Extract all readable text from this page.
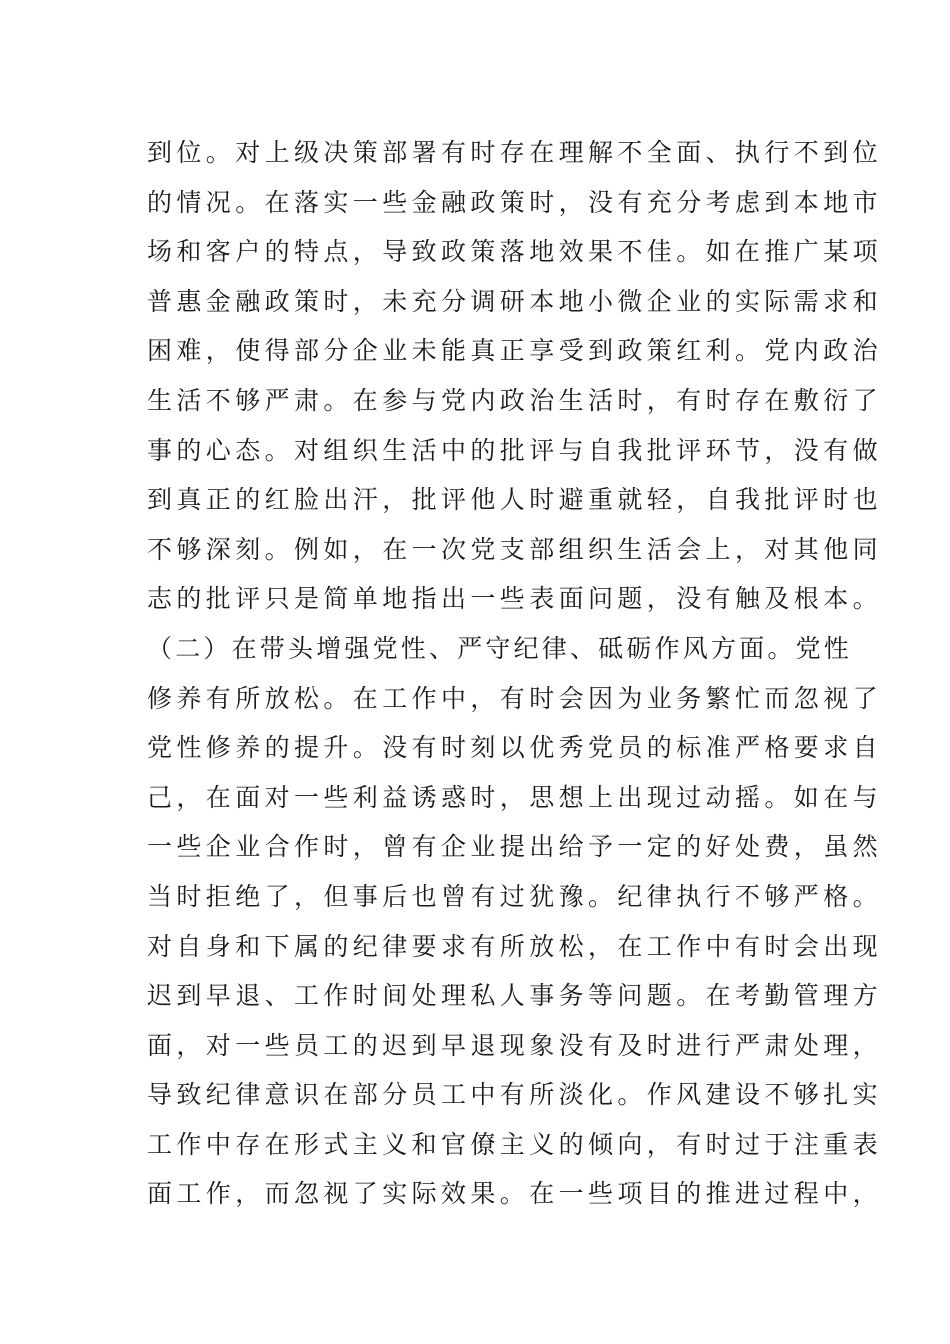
到位。对上级决策部署有时存在理解不全面、执行不到位
的情况。在落实一些金融政策时，没有充分考虑到本地市
场和客户的特点，导致政策落地效果不佳。如在推广某项
普惠金融政策时，未充分调研本地小微企业的实际需求和
困难，使得部分企业未能真正享受到政策红利。党内政治
生活不够严肃。在参与党内政治生活时，有时存在敷衍了
事的心态。对组织生活中的批评与自我批评环节，没有做
到真正的红脸出汗，批评他人时避重就轻，自我批评时也
不够深刻。例如，在一次党支部组织生活会上，对其他同
志的批评只是简单地指出一些表面问题，没有触及根本。
（二）在带头增强党性、严守纪律、砥砺作风方面。党性
修养有所放松。在工作中，有时会因为业务繁忙而忽视了
党性修养的提升。没有时刻以优秀党员的标准严格要求自
己，在面对一些利益诱惑时，思想上出现过动摇。如在与
一些企业合作时，曾有企业提出给予一定的好处费，虽然
当时拒绝了，但事后也曾有过犹豫。纪律执行不够严格。
对自身和下属的纪律要求有所放松，在工作中有时会出现
迟到早退、工作时间处理私人事务等问题。在考勤管理方
面，对一些员工的迟到早退现象没有及时进行严肃处理，
导致纪律意识在部分员工中有所淡化。作风建设不够扎实
工作中存在形式主义和官僚主义的倾向，有时过于注重表
面工作，而忽视了实际效果。在一些项目的推进过程中，
